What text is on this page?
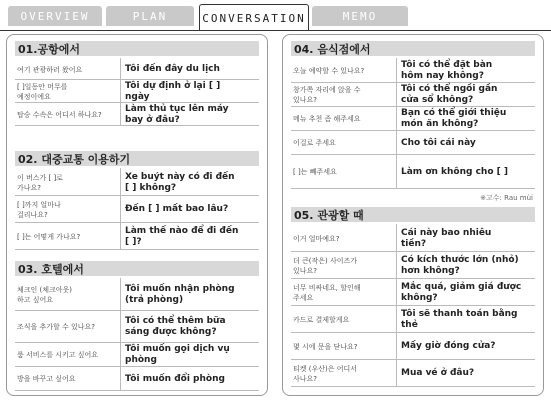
OVERVIEW	PLAN	CONVERSATION	MEMO
01.공항에서
여기 관광하러 왔어요	Tôi đến đây du lịch
[ ]일동안 머무를
예정이에요
Tôi dự định ở lại [ ]
ngày
탑승 수속은 어디서 하나요?
Làm thủ tục lên máy
bay ở đâu?
02. 대중교통 이용하기
이 버스가 [ ]로
가나요?
Xe buýt này có đi đến
[ ] không?
[ ]까지 얼마나
걸리나요?
Đến [ ] mất bao lâu?
[ ]는 어떻게 가나요?
Làm thế nào để đi đến
[ ]?
03. 호텔에서
체크인 (체크아웃)
하고 싶어요
Tôi muốn nhận phòng
(trả phòng)
조식을 추가할 수 있나요?
Tôi có thể thêm bữa
sáng được không?
룸 서비스를 시키고 싶어요
Tôi muốn gọi dịch vụ
phòng
방을 바꾸고 싶어요	Tôi muốn đổi phòng
04. 음식점에서
오늘 예약할 수 있나요?
Tôi có thể đặt bàn
hôm nay không?
창가쪽 자리에 앉을 수
있나요?
Tôi có thể ngồi gần
cửa sổ không?
메뉴 추천 좀 해주세요
Bạn có thể giới thiệu
món ăn không?
이걸로 주세요	Cho tôi cái này
[ ]는 빼주세요	Làm ơn không cho [ ]
05. 관광할 때
이거 얼마예요?
Cái này bao nhiêu
tiền?
더 큰(작은) 사이즈가
있나요?
Có kích thước lớn (nhỏ)
hơn không?
너무 비싸네요, 할인해
주세요
Mắc quá, giảm giá được
không?
카드로 결제할게요
Tôi sẽ thanh toán bằng
thẻ
몇 시에 문을 닫나요?	Mấy giờ đóng cửa?
티켓 (우산)은 어디서
사나요?
Mua vé ở đâu?
※고수: Rau mùi
